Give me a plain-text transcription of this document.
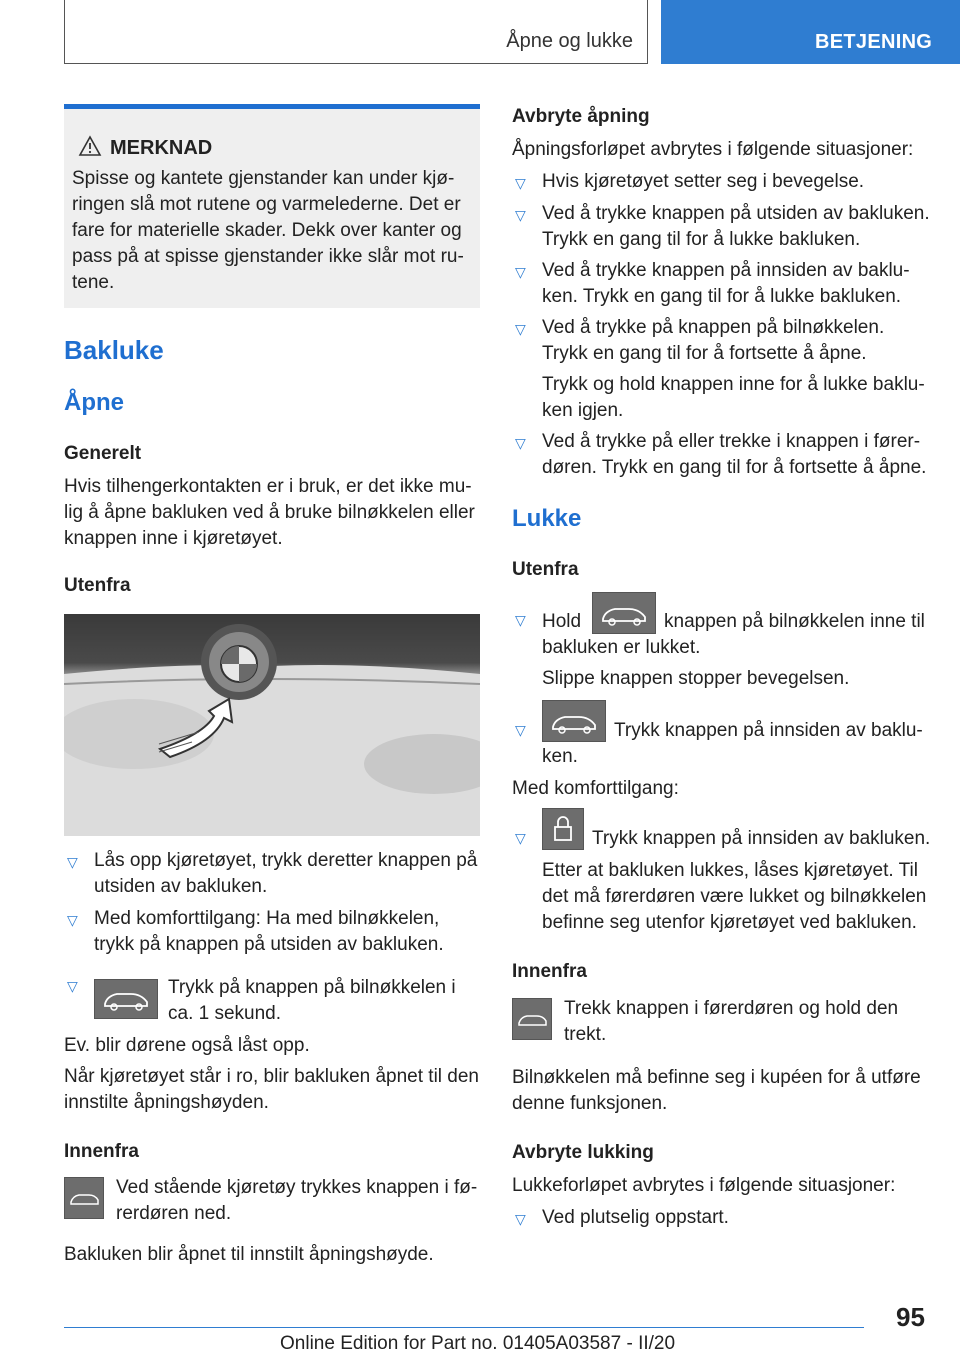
Åpne og lukke	BETJENING
MERKNAD
Spisse og kantete gjenstander kan under kjø-ringen slå mot rutene og varmelederne. Det er fare for materielle skader. Dekk over kanter og pass på at spisse gjenstander ikke slår mot ru-tene.
Bakluke
Åpne
Generelt
Hvis tilhengerkontakten er i bruk, er det ikke mu-lig å åpne bakluken ved å bruke bilnøkkelen eller knappen inne i kjøretøyet.
Utenfra
Lås opp kjøretøyet, trykk deretter knappen på utsiden av bakluken.
Med komforttilgang: Ha med bilnøkkelen, trykk på knappen på utsiden av bakluken.
Trykk på knappen på bilnøkkelen i ca. 1 sekund.
Ev. blir dørene også låst opp.
Når kjøretøyet står i ro, blir bakluken åpnet til den innstilte åpningshøyden.
Innenfra
Ved stående kjøretøy trykkes knappen i fø-rerdøren ned.
Bakluken blir åpnet til innstilt åpningshøyde.
Avbryte åpning
Åpningsforløpet avbrytes i følgende situasjoner:
Hvis kjøretøyet setter seg i bevegelse.
Ved å trykke knappen på utsiden av bakluken. Trykk en gang til for å lukke bakluken.
Ved å trykke knappen på innsiden av baklu-ken. Trykk en gang til for å lukke bakluken.
Ved å trykke på knappen på bilnøkkelen. Trykk en gang til for å fortsette å åpne.
Trykk og hold knappen inne for å lukke baklu-ken igjen.
Ved å trykke på eller trekke i knappen i fører-døren. Trykk en gang til for å fortsette å åpne.
Lukke
Utenfra
Hold	knappen på bilnøkkelen inne til bakluken er lukket.
Slippe knappen stopper bevegelsen.
Trykk knappen på innsiden av baklu-ken.
Med komforttilgang:
Trykk knappen på innsiden av bakluken.
Etter at bakluken lukkes, låses kjøretøyet. Til det må førerdøren være lukket og bilnøkkelen befinne seg utenfor kjøretøyet ved bakluken.
Innenfra
Trekk knappen i førerdøren og hold den trekt.
Bilnøkkelen må befinne seg i kupéen for å utføre denne funksjonen.
Avbryte lukking
Lukkeforløpet avbrytes i følgende situasjoner:
Ved plutselig oppstart.
95
Online Edition for Part no. 01405A03587 - II/20
